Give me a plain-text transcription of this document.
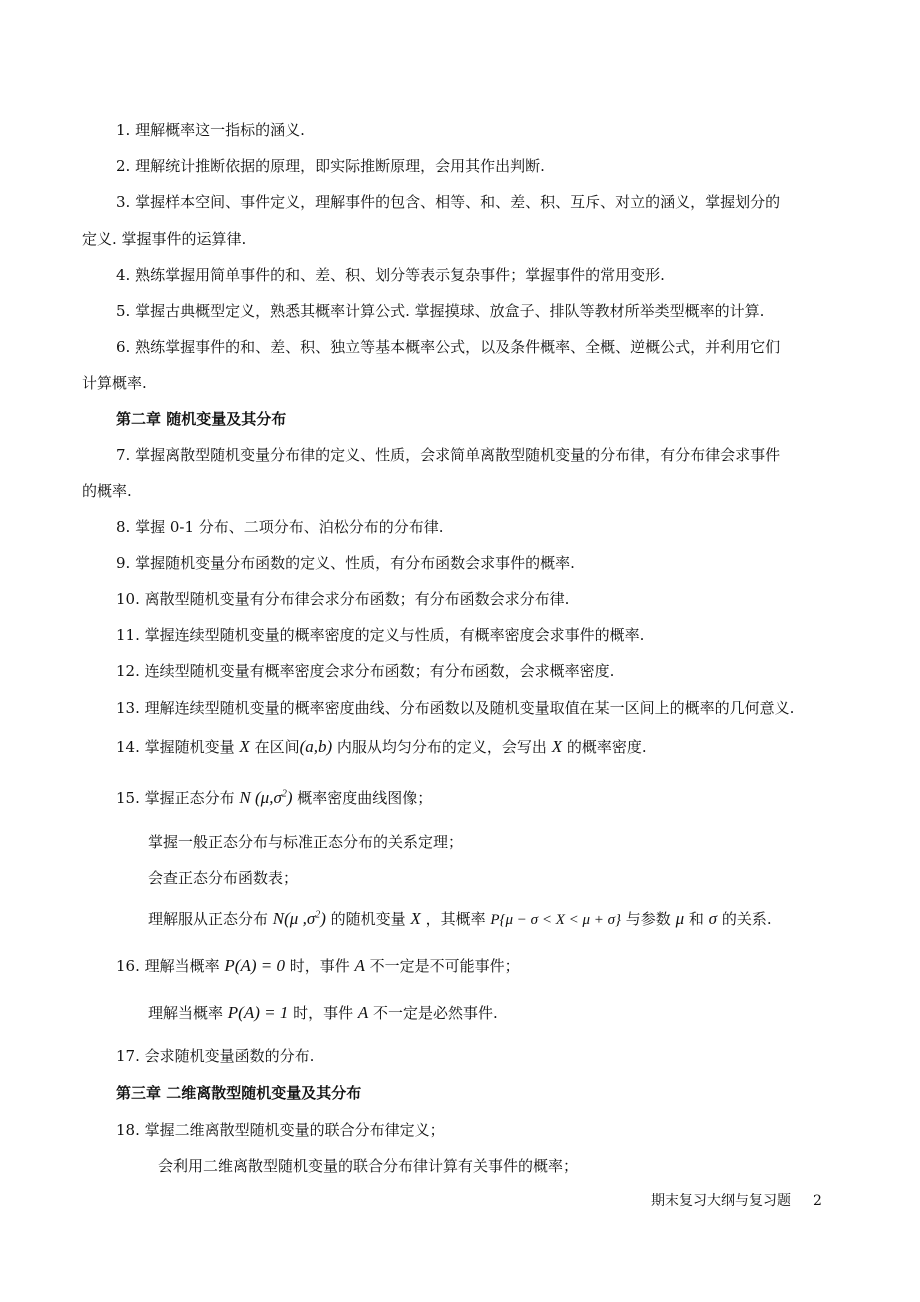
1. 理解概率这一指标的涵义.
2. 理解统计推断依据的原理，即实际推断原理，会用其作出判断.
3. 掌握样本空间、事件定义，理解事件的包含、相等、和、差、积、互斥、对立的涵义，掌握划分的
定义. 掌握事件的运算律.
4. 熟练掌握用简单事件的和、差、积、划分等表示复杂事件；掌握事件的常用变形.
5. 掌握古典概型定义，熟悉其概率计算公式. 掌握摸球、放盒子、排队等教材所举类型概率的计算.
6. 熟练掌握事件的和、差、积、独立等基本概率公式，以及条件概率、全概、逆概公式，并利用它们
计算概率.
第二章 随机变量及其分布
7. 掌握离散型随机变量分布律的定义、性质，会求简单离散型随机变量的分布律，有分布律会求事件
的概率.
8. 掌握 0-1 分布、二项分布、泊松分布的分布律.
9. 掌握随机变量分布函数的定义、性质，有分布函数会求事件的概率.
10. 离散型随机变量有分布律会求分布函数；有分布函数会求分布律.
11. 掌握连续型随机变量的概率密度的定义与性质，有概率密度会求事件的概率.
12. 连续型随机变量有概率密度会求分布函数；有分布函数，会求概率密度.
13. 理解连续型随机变量的概率密度曲线、分布函数以及随机变量取值在某一区间上的概率的几何意义.
14. 掌握随机变量 X 在区间(a,b) 内服从均匀分布的定义，会写出 X 的概率密度.
15. 掌握正态分布 N $(\mu,\sigma^2)$ 概率密度曲线图像；
掌握一般正态分布与标准正态分布的关系定理；
会查正态分布函数表；
理解服从正态分布 N(μ $,\sigma^2$) 的随机变量 X ，其概率 P{μ − σ < X < μ + σ} 与参数 μ 和 σ 的关系.
16. 理解当概率 P(A) = 0 时，事件 A 不一定是不可能事件；
理解当概率 P(A) = 1 时，事件 A 不一定是必然事件.
17. 会求随机变量函数的分布.
第三章 二维离散型随机变量及其分布
18. 掌握二维离散型随机变量的联合分布律定义；
会利用二维离散型随机变量的联合分布律计算有关事件的概率；
期末复习大纲与复习题 2
